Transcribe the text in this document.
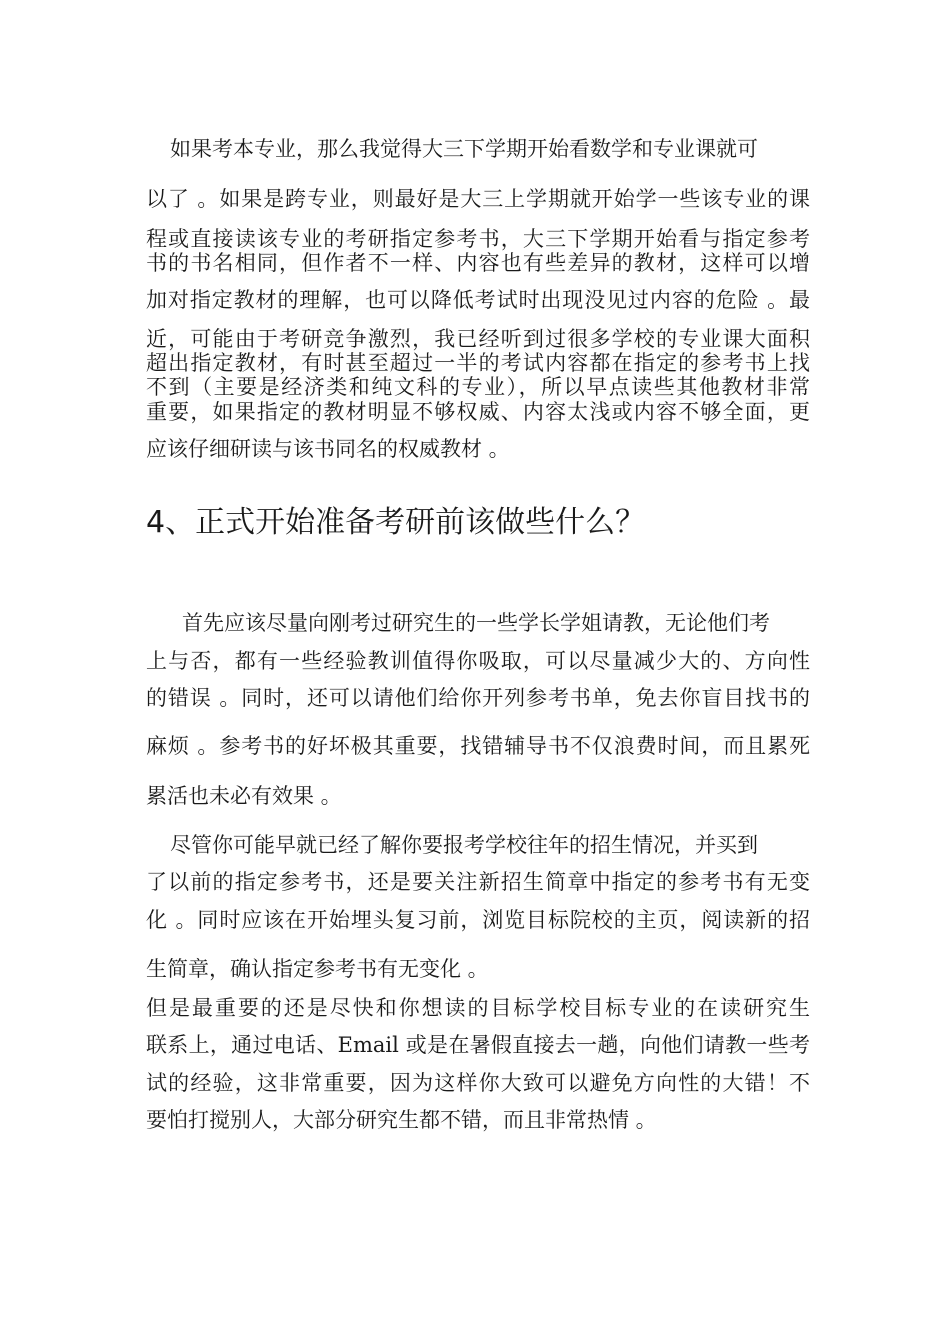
如果考本专业，那么我觉得大三下学期开始看数学和专业课就可
以了 。如果是跨专业，则最好是大三上学期就开始学一些该专业的课
程或直接读该专业的考研指定参考书，大三下学期开始看与指定参考
书的书名相同，但作者不一样、内容也有些差异的教材，这样可以增
加对指定教材的理解，也可以降低考试时出现没见过内容的危险 。最
近，可能由于考研竞争激烈，我已经听到过很多学校的专业课大面积
超出指定教材，有时甚至超过一半的考试内容都在指定的参考书上找
不到（主要是经济类和纯文科的专业），所以早点读些其他教材非常
重要，如果指定的教材明显不够权威、内容太浅或内容不够全面，更
应该仔细研读与该书同名的权威教材 。
4、正式开始准备考研前该做些什么？
首先应该尽量向刚考过研究生的一些学长学姐请教，无论他们考
上与否，都有一些经验教训值得你吸取，可以尽量减少大的、方向性
的错误 。同时，还可以请他们给你开列参考书单，免去你盲目找书的
麻烦 。参考书的好坏极其重要，找错辅导书不仅浪费时间，而且累死
累活也未必有效果 。
尽管你可能早就已经了解你要报考学校往年的招生情况，并买到
了以前的指定参考书，还是要关注新招生简章中指定的参考书有无变
化 。同时应该在开始埋头复习前，浏览目标院校的主页，阅读新的招
生简章，确认指定参考书有无变化 。
但是最重要的还是尽快和你想读的目标学校目标专业的在读研究生
联系上，通过电话、Email 或是在暑假直接去一趟，向他们请教一些考
试的经验，这非常重要，因为这样你大致可以避免方向性的大错！不
要怕打搅别人，大部分研究生都不错，而且非常热情 。
